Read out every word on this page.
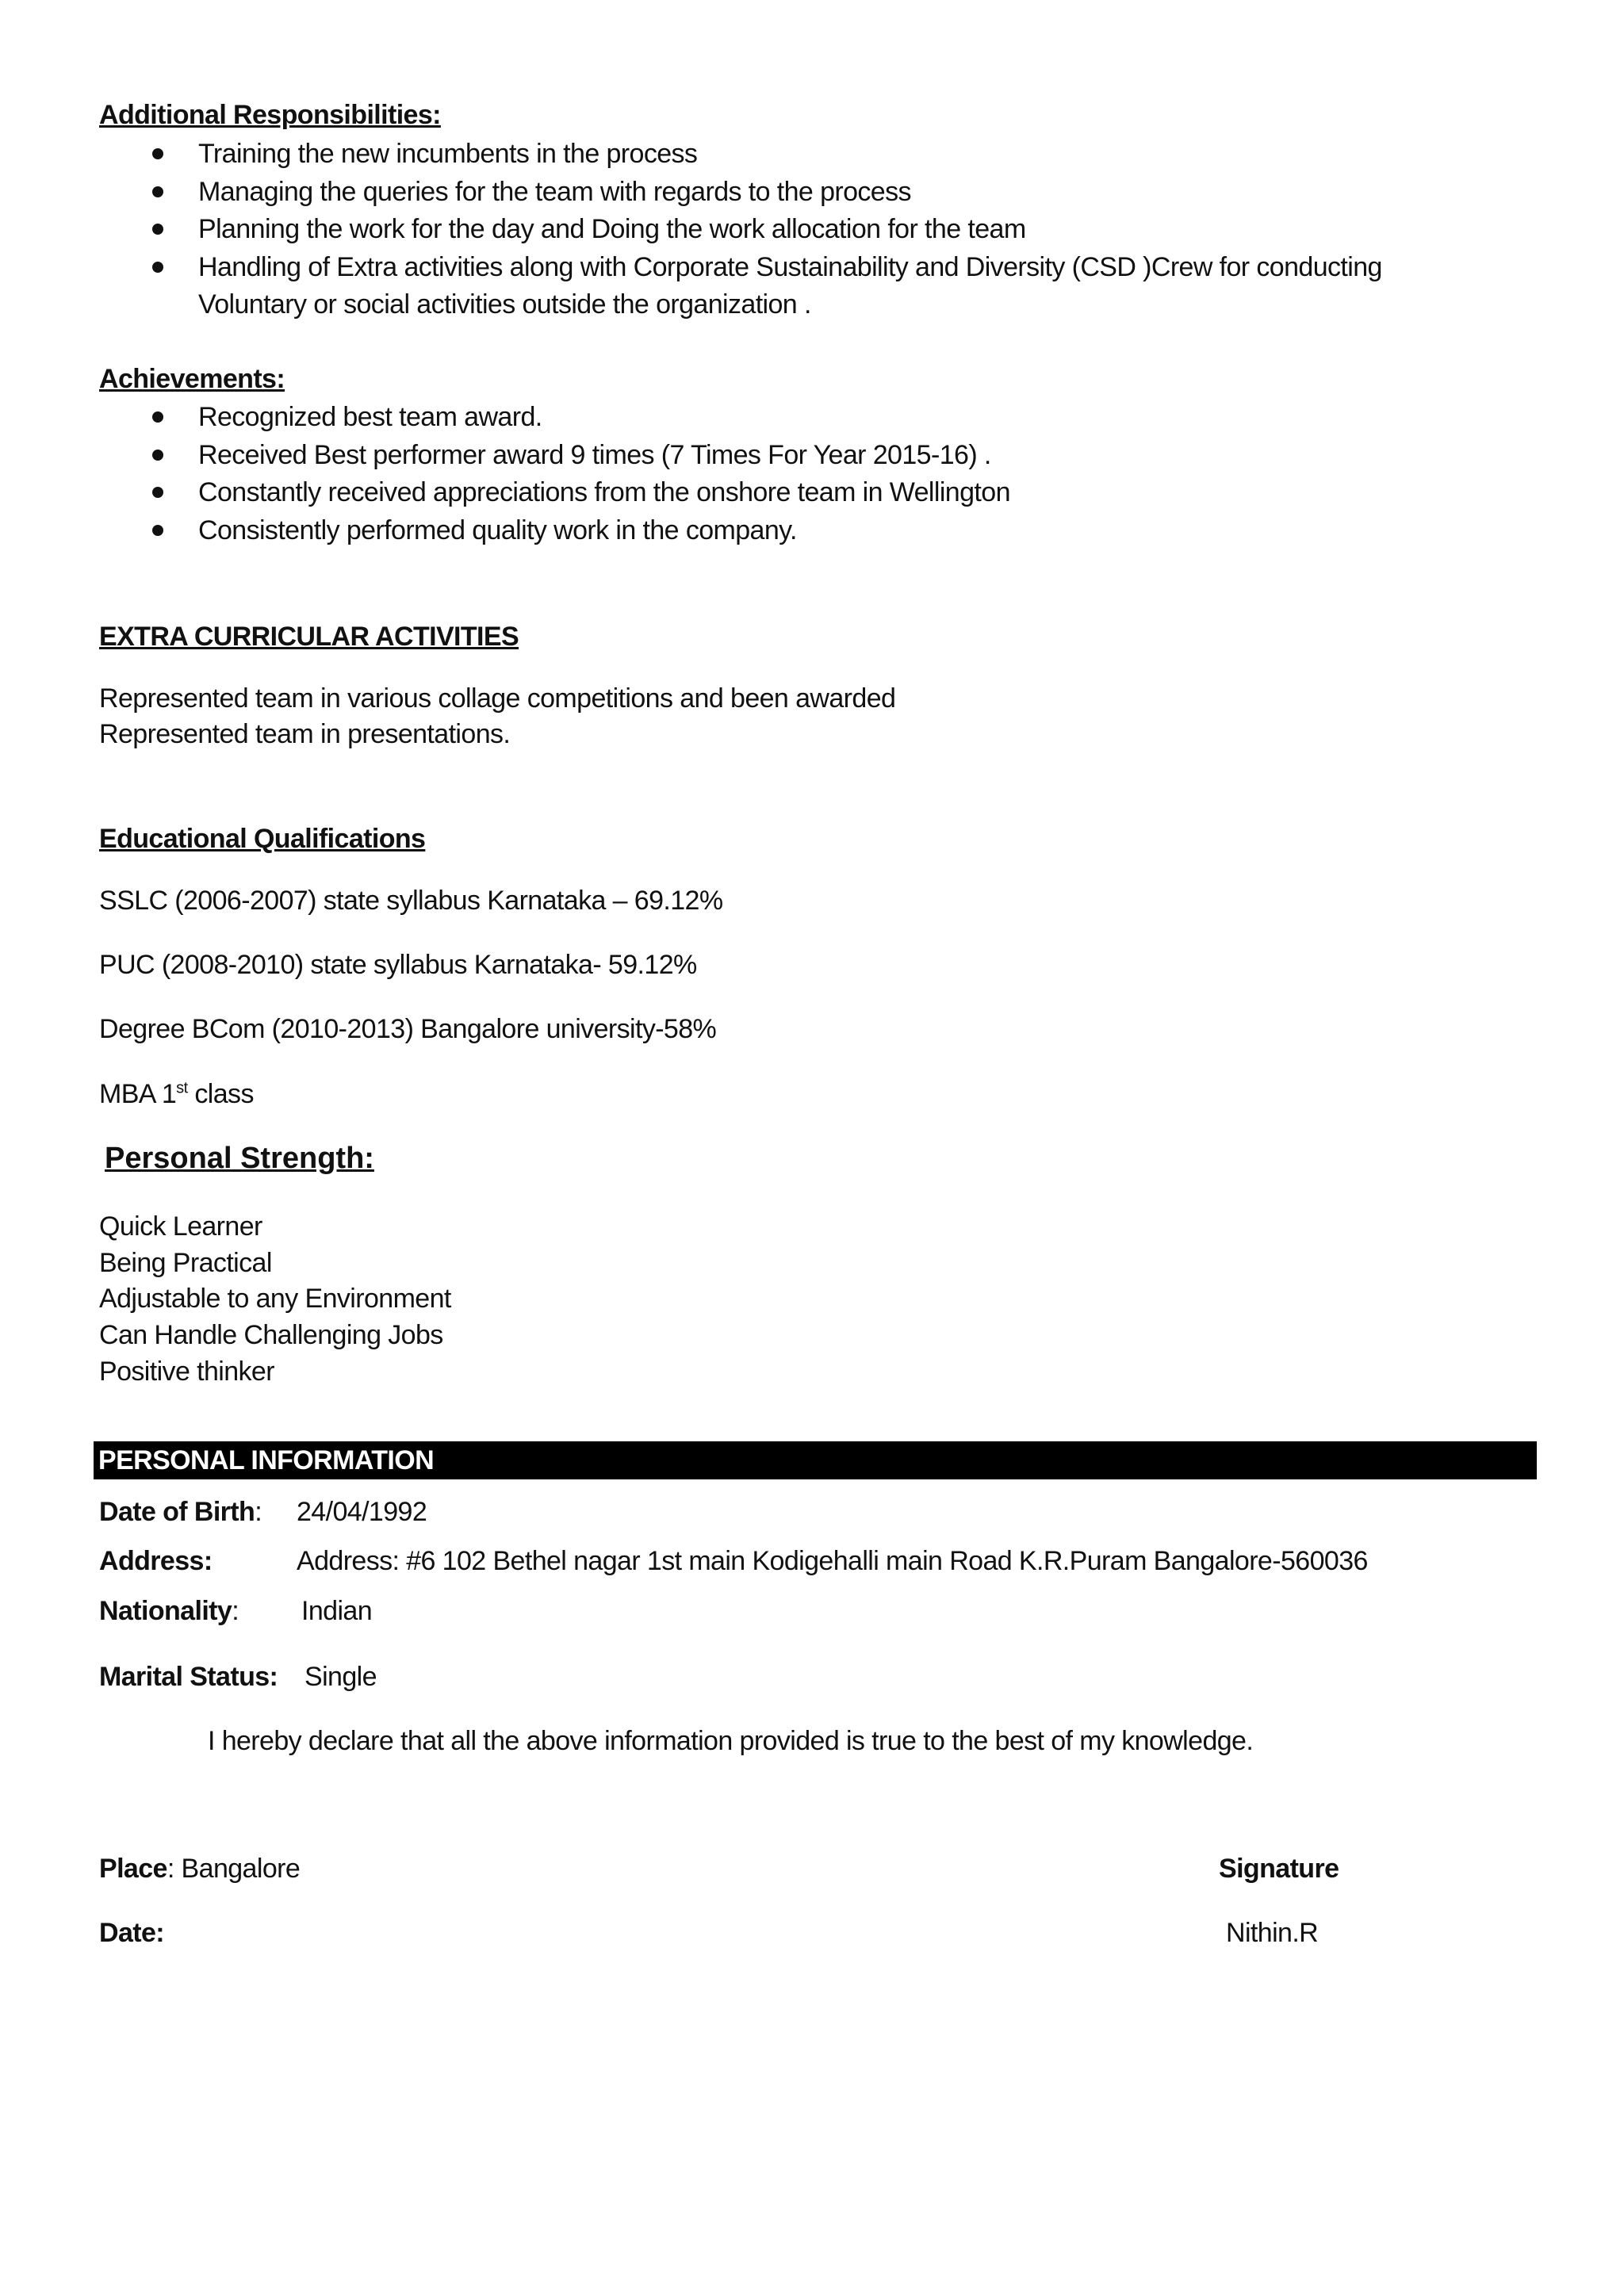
Additional Responsibilities:
Training the new incumbents in the process
Managing the queries for the team with regards to the process
Planning the work for the day and Doing the work allocation for the team
Handling of Extra activities along with Corporate Sustainability and Diversity (CSD )Crew for conducting Voluntary or social activities outside the organization .
Achievements:
Recognized best team award.
Received Best performer award 9 times (7 Times For Year 2015-16) .
Constantly received appreciations from the onshore team in Wellington
Consistently performed quality work in the company.
EXTRA CURRICULAR ACTIVITIES
Represented team in various collage competitions and been awarded
Represented team in presentations.
Educational Qualifications
SSLC (2006-2007) state syllabus Karnataka – 69.12%
PUC (2008-2010) state syllabus Karnataka- 59.12%
Degree BCom (2010-2013) Bangalore university-58%
MBA 1st class
Personal Strength:
Quick Learner
Being Practical
Adjustable to any Environment
Can Handle Challenging Jobs
Positive thinker
PERSONAL INFORMATION
Date of Birth: 24/04/1992
Address:	Address: #6 102 Bethel nagar 1st main Kodigehalli main Road K.R.Puram Bangalore-560036
Nationality: Indian
Marital Status: Single
I hereby declare that all the above information provided is true to the best of my knowledge.
Place: Bangalore	Signature
Date:	Nithin.R
